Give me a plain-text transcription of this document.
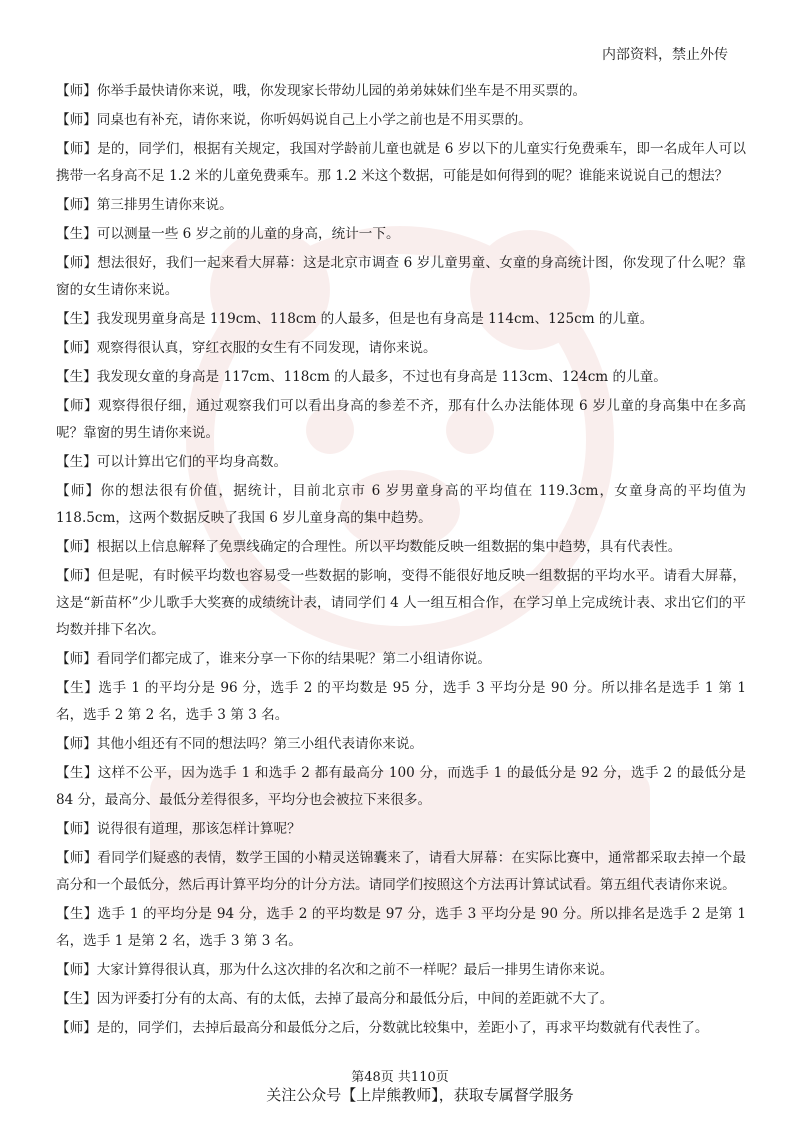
内部资料，禁止外传

【师】你举手最快请你来说，哦，你发现家长带幼儿园的弟弟妹妹们坐车是不用买票的。

【师】同桌也有补充，请你来说，你听妈妈说自己上小学之前也是不用买票的。

【师】是的，同学们，根据有关规定，我国对学龄前儿童也就是 6 岁以下的儿童实行免费乘车，即一名成年人可以携带一名身高不足 1.2 米的儿童免费乘车。那 1.2 米这个数据，可能是如何得到的呢？谁能来说说自己的想法？

【师】第三排男生请你来说。

【生】可以测量一些 6 岁之前的儿童的身高，统计一下。

【师】想法很好，我们一起来看大屏幕：这是北京市调查 6 岁儿童男童、女童的身高统计图，你发现了什么呢？靠窗的女生请你来说。

【生】我发现男童身高是 119cm、118cm 的人最多，但是也有身高是 114cm、125cm 的儿童。

【师】观察得很认真，穿红衣服的女生有不同发现，请你来说。

【生】我发现女童的身高是 117cm、118cm 的人最多，不过也有身高是 113cm、124cm 的儿童。

【师】观察得很仔细，通过观察我们可以看出身高的参差不齐，那有什么办法能体现 6 岁儿童的身高集中在多高呢？靠窗的男生请你来说。

【生】可以计算出它们的平均身高数。

【师】你的想法很有价值，据统计，目前北京市 6 岁男童身高的平均值在 119.3cm，女童身高的平均值为 118.5cm，这两个数据反映了我国 6 岁儿童身高的集中趋势。

【师】根据以上信息解释了免票线确定的合理性。所以平均数能反映一组数据的集中趋势，具有代表性。

【师】但是呢，有时候平均数也容易受一些数据的影响，变得不能很好地反映一组数据的平均水平。请看大屏幕，这是“新苗杯”少儿歌手大奖赛的成绩统计表，请同学们 4 人一组互相合作，在学习单上完成统计表、求出它们的平均数并排下名次。

【师】看同学们都完成了，谁来分享一下你的结果呢？第二小组请你说。

【生】选手 1 的平均分是 96 分，选手 2 的平均数是 95 分，选手 3 平均分是 90 分。所以排名是选手 1 第 1 名，选手 2 第 2 名，选手 3 第 3 名。

【师】其他小组还有不同的想法吗？第三小组代表请你来说。

【生】这样不公平，因为选手 1 和选手 2 都有最高分 100 分，而选手 1 的最低分是 92 分，选手 2 的最低分是 84 分，最高分、最低分差得很多，平均分也会被拉下来很多。

【师】说得很有道理，那该怎样计算呢？

【师】看同学们疑惑的表情，数学王国的小精灵送锦囊来了，请看大屏幕：在实际比赛中，通常都采取去掉一个最高分和一个最低分，然后再计算平均分的计分方法。请同学们按照这个方法再计算试试看。第五组代表请你来说。

【生】选手 1 的平均分是 94 分，选手 2 的平均数是 97 分，选手 3 平均分是 90 分。所以排名是选手 2 是第 1 名，选手 1 是第 2 名，选手 3 第 3 名。

【师】大家计算得很认真，那为什么这次排的名次和之前不一样呢？最后一排男生请你来说。

【生】因为评委打分有的太高、有的太低，去掉了最高分和最低分后，中间的差距就不大了。

【师】是的，同学们，去掉后最高分和最低分之后，分数就比较集中，差距小了，再求平均数就有代表性了。

第48页 共110页
关注公众号【上岸熊教师】，获取专属督学服务
